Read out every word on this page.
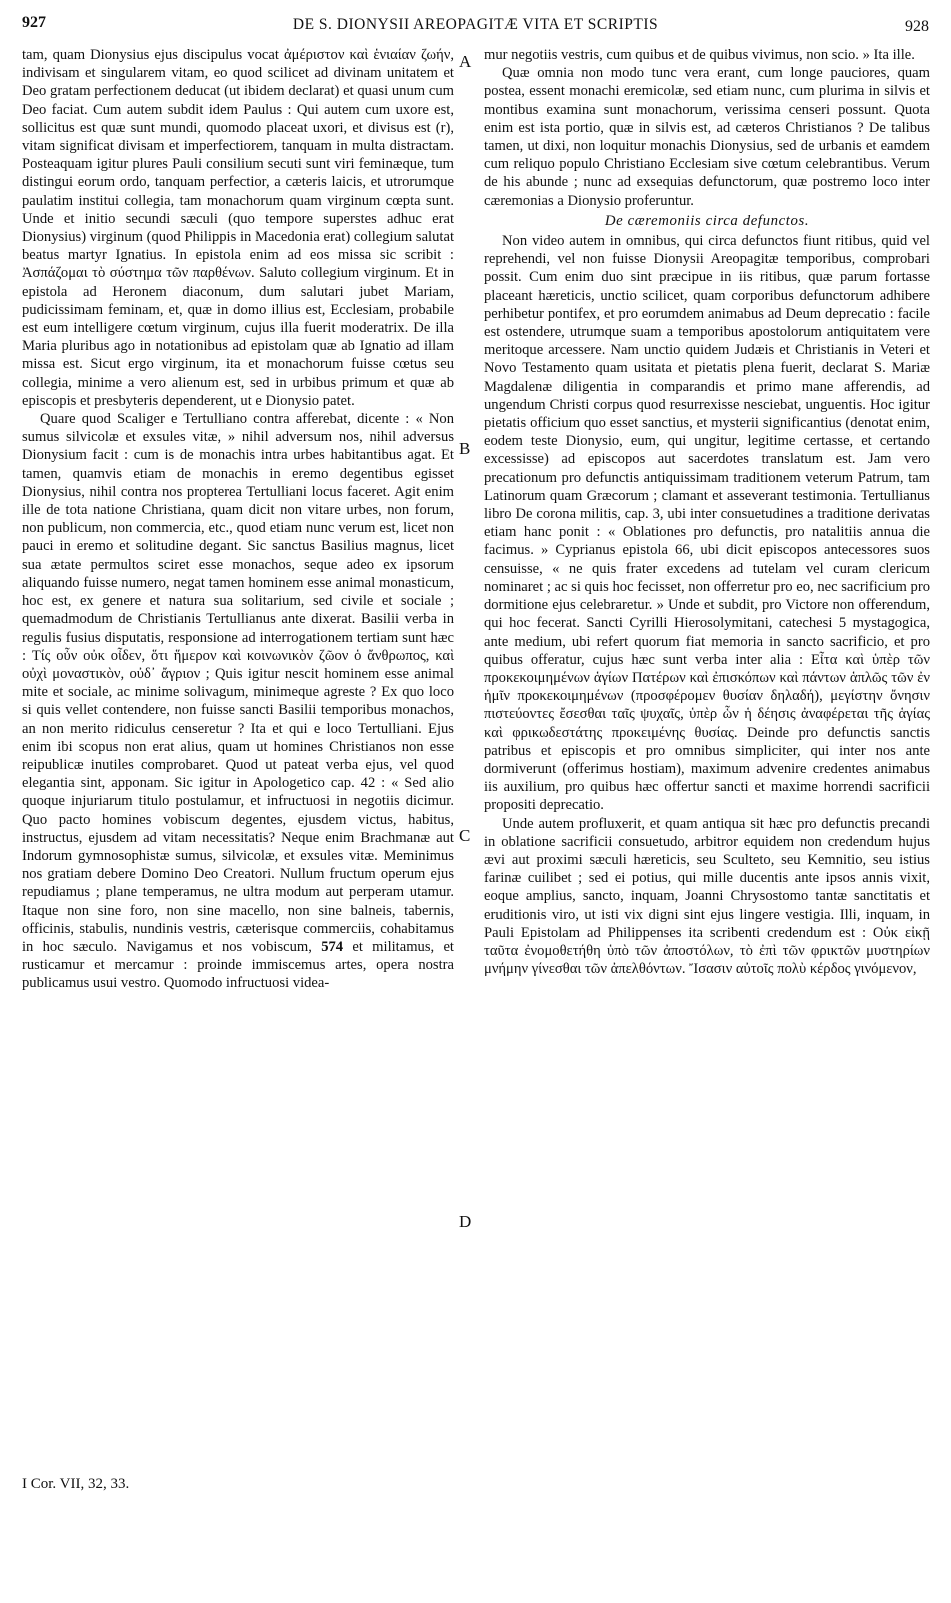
927	DE S. DIONYSII AREOPAGITÆ VITA ET SCRIPTIS	928

tam, quam Dionysius ejus discipulus vocat ἀμέριστον καὶ ἑνιαίαν ζωήν, indivisam et singularem vitam, eo quod scilicet ad divinam unitatem et Deo gratam perfectionem deducat (ut ibidem declarat) et quasi unum cum Deo faciat. Cum autem subdit idem Paulus : Qui autem cum uxore est, sollicitus est quæ sunt mundi, quomodo placeat uxori, et divisus est (r), vitam significat divisam et imperfectiorem, tanquam in multa distractam. Posteaquam igitur plures Pauli consilium secuti sunt viri feminæque, tum distingui eorum ordo, tanquam perfectior, a cæteris laicis, et utrorumque paulatim institui collegia, tam monachorum quam virginum cœpta sunt. Unde et initio secundi sæculi (quo tempore superstes adhuc erat Dionysius) virginum (quod Philippis in Macedonia erat) collegium salutat beatus martyr Ignatius. In epistola enim ad eos missa sic scribit : Ἀσπάζομαι τὸ σύστημα τῶν παρθένων. Saluto collegium virginum. Et in epistola ad Heronem diaconum, dum salutari jubet Mariam, pudicissimam feminam, et, quæ in domo illius est, Ecclesiam, probabile est eum intelligere cœtum virginum, cujus illa fuerit moderatrix. De illa Maria pluribus ago in notationibus ad epistolam quæ ab Ignatio ad illam missa est. Sicut ergo virginum, ita et monachorum fuisse cœtus seu collegia, minime a vero alienum est, sed in urbibus primum et quæ ab episcopis et presbyteris dependerent, ut e Dionysio patet.

Quare quod Scaliger e Tertulliano contra afferebat, dicente : « Non sumus silvicolæ et exsules vitæ, » nihil adversum nos, nihil adversus Dionysium facit : cum is de monachis intra urbes habitantibus agat. Et tamen, quamvis etiam de monachis in eremo degentibus egisset Dionysius, nihil contra nos propterea Tertulliani locus faceret. Agit enim ille de tota natione Christiana, quam dicit non vitare urbes, non forum, non publicum, non commercia, etc., quod etiam nunc verum est, licet non pauci in eremo et solitudine degant. Sic sanctus Basilius magnus, licet sua ætate permultos sciret esse monachos, seque adeo ex ipsorum aliquando fuisse numero, negat tamen hominem esse animal monasticum, hoc est, ex genere et natura sua solitarium, sed civile et sociale ; quemadmodum de Christianis Tertullianus ante dixerat. Basilii verba in regulis fusius disputatis, responsione ad interrogationem tertiam sunt hæc : Τίς οὖν οὐκ οἶδεν, ὅτι ἥμερον καὶ κοινωνικὸν ζῶον ὁ ἄνθρωπος, καὶ οὐχὶ μοναστικὸν, οὐδ᾽ ἄγριον ; Quis igitur nescit hominem esse animal mite et sociale, ac minime solivagum, minimeque agreste ? Ex quo loco si quis vellet contendere, non fuisse sancti Basilii temporibus monachos, an non merito ridiculus censeretur ? Ita et qui e loco Tertulliani. Ejus enim ibi scopus non erat alius, quam ut homines Christianos non esse reipublicæ inutiles comprobaret. Quod ut pateat verba ejus, vel quod elegantia sint, apponam. Sic igitur in Apologetico cap. 42 : « Sed alio quoque injuriarum titulo postulamur, et infructuosi in negotiis dicimur. Quo pacto homines vobiscum degentes, ejusdem victus, habitus, instructus, ejusdem ad vitam necessitatis? Neque enim Brachmanæ aut Indorum gymnosophistæ sumus, silvicolæ, et exsules vitæ. Meminimus nos gratiam debere Domino Deo Creatori. Nullum fructum operum ejus repudiamus ; plane temperamus, ne ultra modum aut perperam utamur. Itaque non sine foro, non sine macello, non sine balneis, tabernis, officinis, stabulis, nundinis vestris, cæterisque commerciis, cohabitamus in hoc sæculo. Navigamus et nos vobiscum, 574 et militamus, et rusticamur et mercamur : proinde immiscemus artes, opera nostra publicamus usui vestro. Quomodo infructuosi videa-

A
B
C
D

mur negotiis vestris, cum quibus et de quibus vivimus, non scio. » Ita ille.

Quæ omnia non modo tunc vera erant, cum longe pauciores, quam postea, essent monachi eremicolæ, sed etiam nunc, cum plurima in silvis et montibus examina sunt monachorum, verissima censeri possunt. Quota enim est ista portio, quæ in silvis est, ad cæteros Christianos ? De talibus tamen, ut dixi, non loquitur monachis Dionysius, sed de urbanis et eamdem cum reliquo populo Christiano Ecclesiam sive cœtum celebrantibus. Verum de his abunde ; nunc ad exsequias defunctorum, quæ postremo loco inter cæremonias a Dionysio proferuntur.

De cæremoniis circa defunctos.

Non video autem in omnibus, qui circa defunctos fiunt ritibus, quid vel reprehendi, vel non fuisse Dionysii Areopagitæ temporibus, comprobari possit. Cum enim duo sint præcipue in iis ritibus, quæ parum fortasse placeant hæreticis, unctio scilicet, quam corporibus defunctorum adhibere perhibetur pontifex, et pro eorumdem animabus ad Deum deprecatio : facile est ostendere, utrumque suam a temporibus apostolorum antiquitatem vere meritoque arcessere. Nam unctio quidem Judæis et Christianis in Veteri et Novo Testamento quam usitata et pietatis plena fuerit, declarat S. Mariæ Magdalenæ diligentia in comparandis et primo mane afferendis, ad ungendum Christi corpus quod resurrexisse nesciebat, unguentis. Hoc igitur pietatis officium quo esset sanctius, et mysterii significantius (denotat enim, eodem teste Dionysio, eum, qui ungitur, legitime certasse, et certando excessisse) ad episcopos aut sacerdotes translatum est. Jam vero precationum pro defunctis antiquissimam traditionem veterum Patrum, tam Latinorum quam Græcorum ; clamant et asseverant testimonia. Tertullianus libro De corona militis, cap. 3, ubi inter consuetudines a traditione derivatas etiam hanc ponit : « Oblationes pro defunctis, pro natalitiis annua die facimus. » Cyprianus epistola 66, ubi dicit episcopos antecessores suos censuisse, « ne quis frater excedens ad tutelam vel curam clericum nominaret ; ac si quis hoc fecisset, non offerretur pro eo, nec sacrificium pro dormitione ejus celebraretur. » Unde et subdit, pro Victore non offerendum, qui hoc fecerat. Sancti Cyrilli Hierosolymitani, catechesi 5 mystagogica, ante medium, ubi refert quorum fiat memoria in sancto sacrificio, et pro quibus offeratur, cujus hæc sunt verba inter alia : Εἶτα καὶ ὑπὲρ τῶν προκεκοιμημένων ἁγίων Πατέρων καὶ ἐπισκόπων καὶ πάντων ἁπλῶς τῶν ἐν ἡμῖν προκεκοιμημένων (προσφέρομεν θυσίαν δηλαδή), μεγίστην ὄνησιν πιστεύοντες ἔσεσθαι ταῖς ψυχαῖς, ὑπὲρ ὧν ἡ δέησις ἀναφέρεται τῆς ἁγίας καὶ φρικωδεστάτης προκειμένης θυσίας. Deinde pro defunctis sanctis patribus et episcopis et pro omnibus simpliciter, qui inter nos ante dormiverunt (offerimus hostiam), maximum advenire credentes animabus iis auxilium, pro quibus hæc offertur sancti et maxime horrendi sacrificii propositi deprecatio.

Unde autem profluxerit, et quam antiqua sit hæc pro defunctis precandi in oblatione sacrificii consuetudo, arbitror equidem non credendum hujus ævi aut proximi sæculi hæreticis, seu Sculteto, seu Kemnitio, seu istius farinæ cuilibet ; sed ei potius, qui mille ducentis ante ipsos annis vixit, eoque amplius, sancto, inquam, Joanni Chrysostomo tantæ sanctitatis et eruditionis viro, ut isti vix digni sint ejus lingere vestigia. Illi, inquam, in Pauli Epistolam ad Philippenses ita scribenti credendum est : Οὐκ εἰκῇ ταῦτα ἐνομοθετήθη ὑπὸ τῶν ἀποστόλων, τὸ ἐπὶ τῶν φρικτῶν μυστηρίων μνήμην γίνεσθαι τῶν ἀπελθόντων. Ἴσασιν αὐτοῖς πολὺ κέρδος γινόμενον,

I Cor. VII, 32, 33.
